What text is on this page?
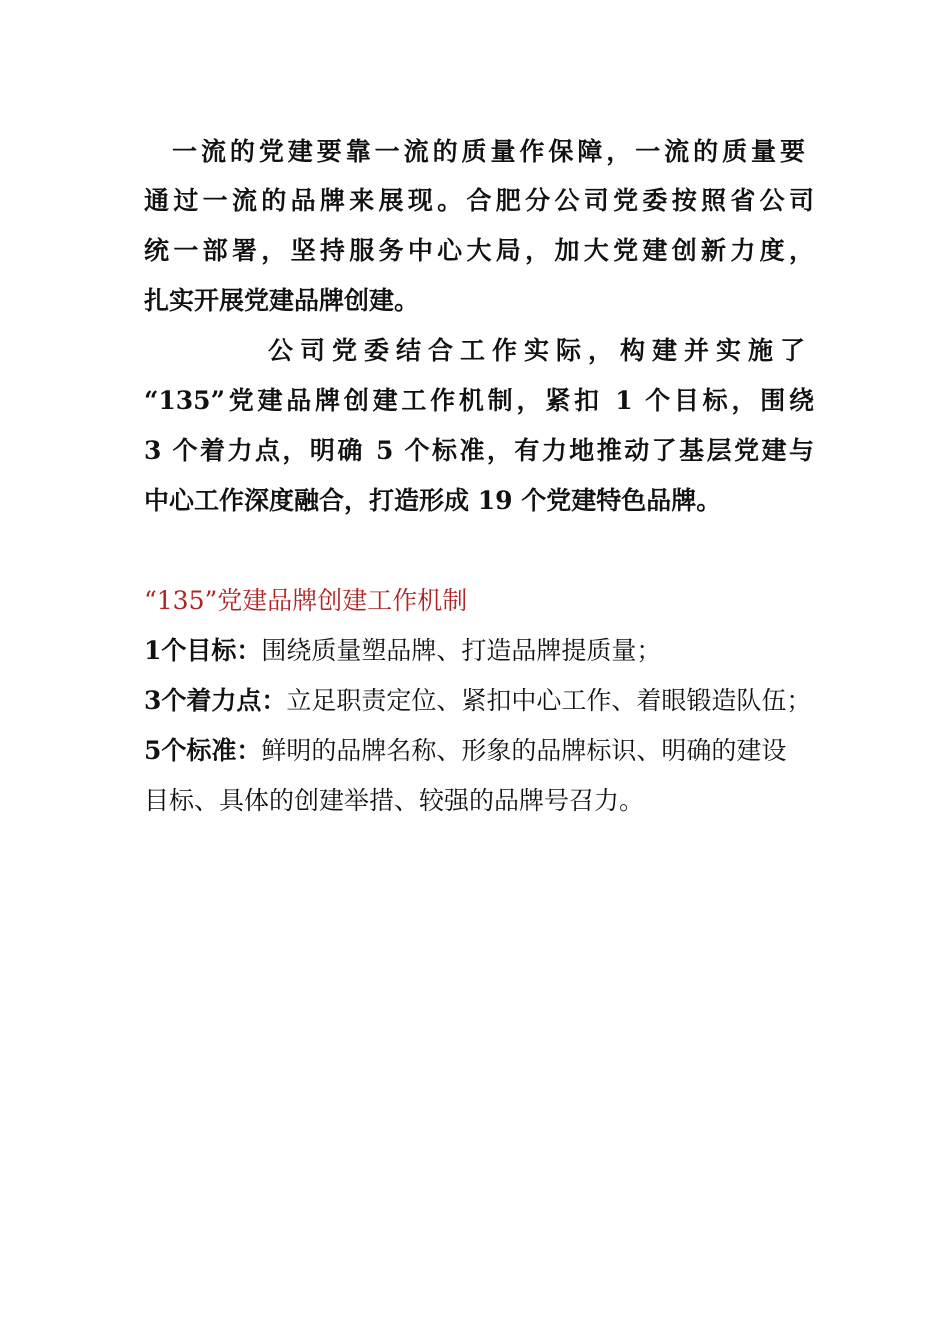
一流的党建要靠一流的质量作保障，一流的质量要
通过一流的品牌来展现。合肥分公司党委按照省公司
统一部署，坚持服务中心大局，加大党建创新力度，
扎实开展党建品牌创建。
公司党委结合工作实际，构建并实施了
“135”党建品牌创建工作机制，紧扣 1 个目标，围绕
3 个着力点，明确 5 个标准，有力地推动了基层党建与
中心工作深度融合，打造形成 19 个党建特色品牌。
“135”党建品牌创建工作机制
1个目标：围绕质量塑品牌、打造品牌提质量；
3个着力点：立足职责定位、紧扣中心工作、着眼锻造队伍；
5个标准：鲜明的品牌名称、形象的品牌标识、明确的建设
目标、具体的创建举措、较强的品牌号召力。
